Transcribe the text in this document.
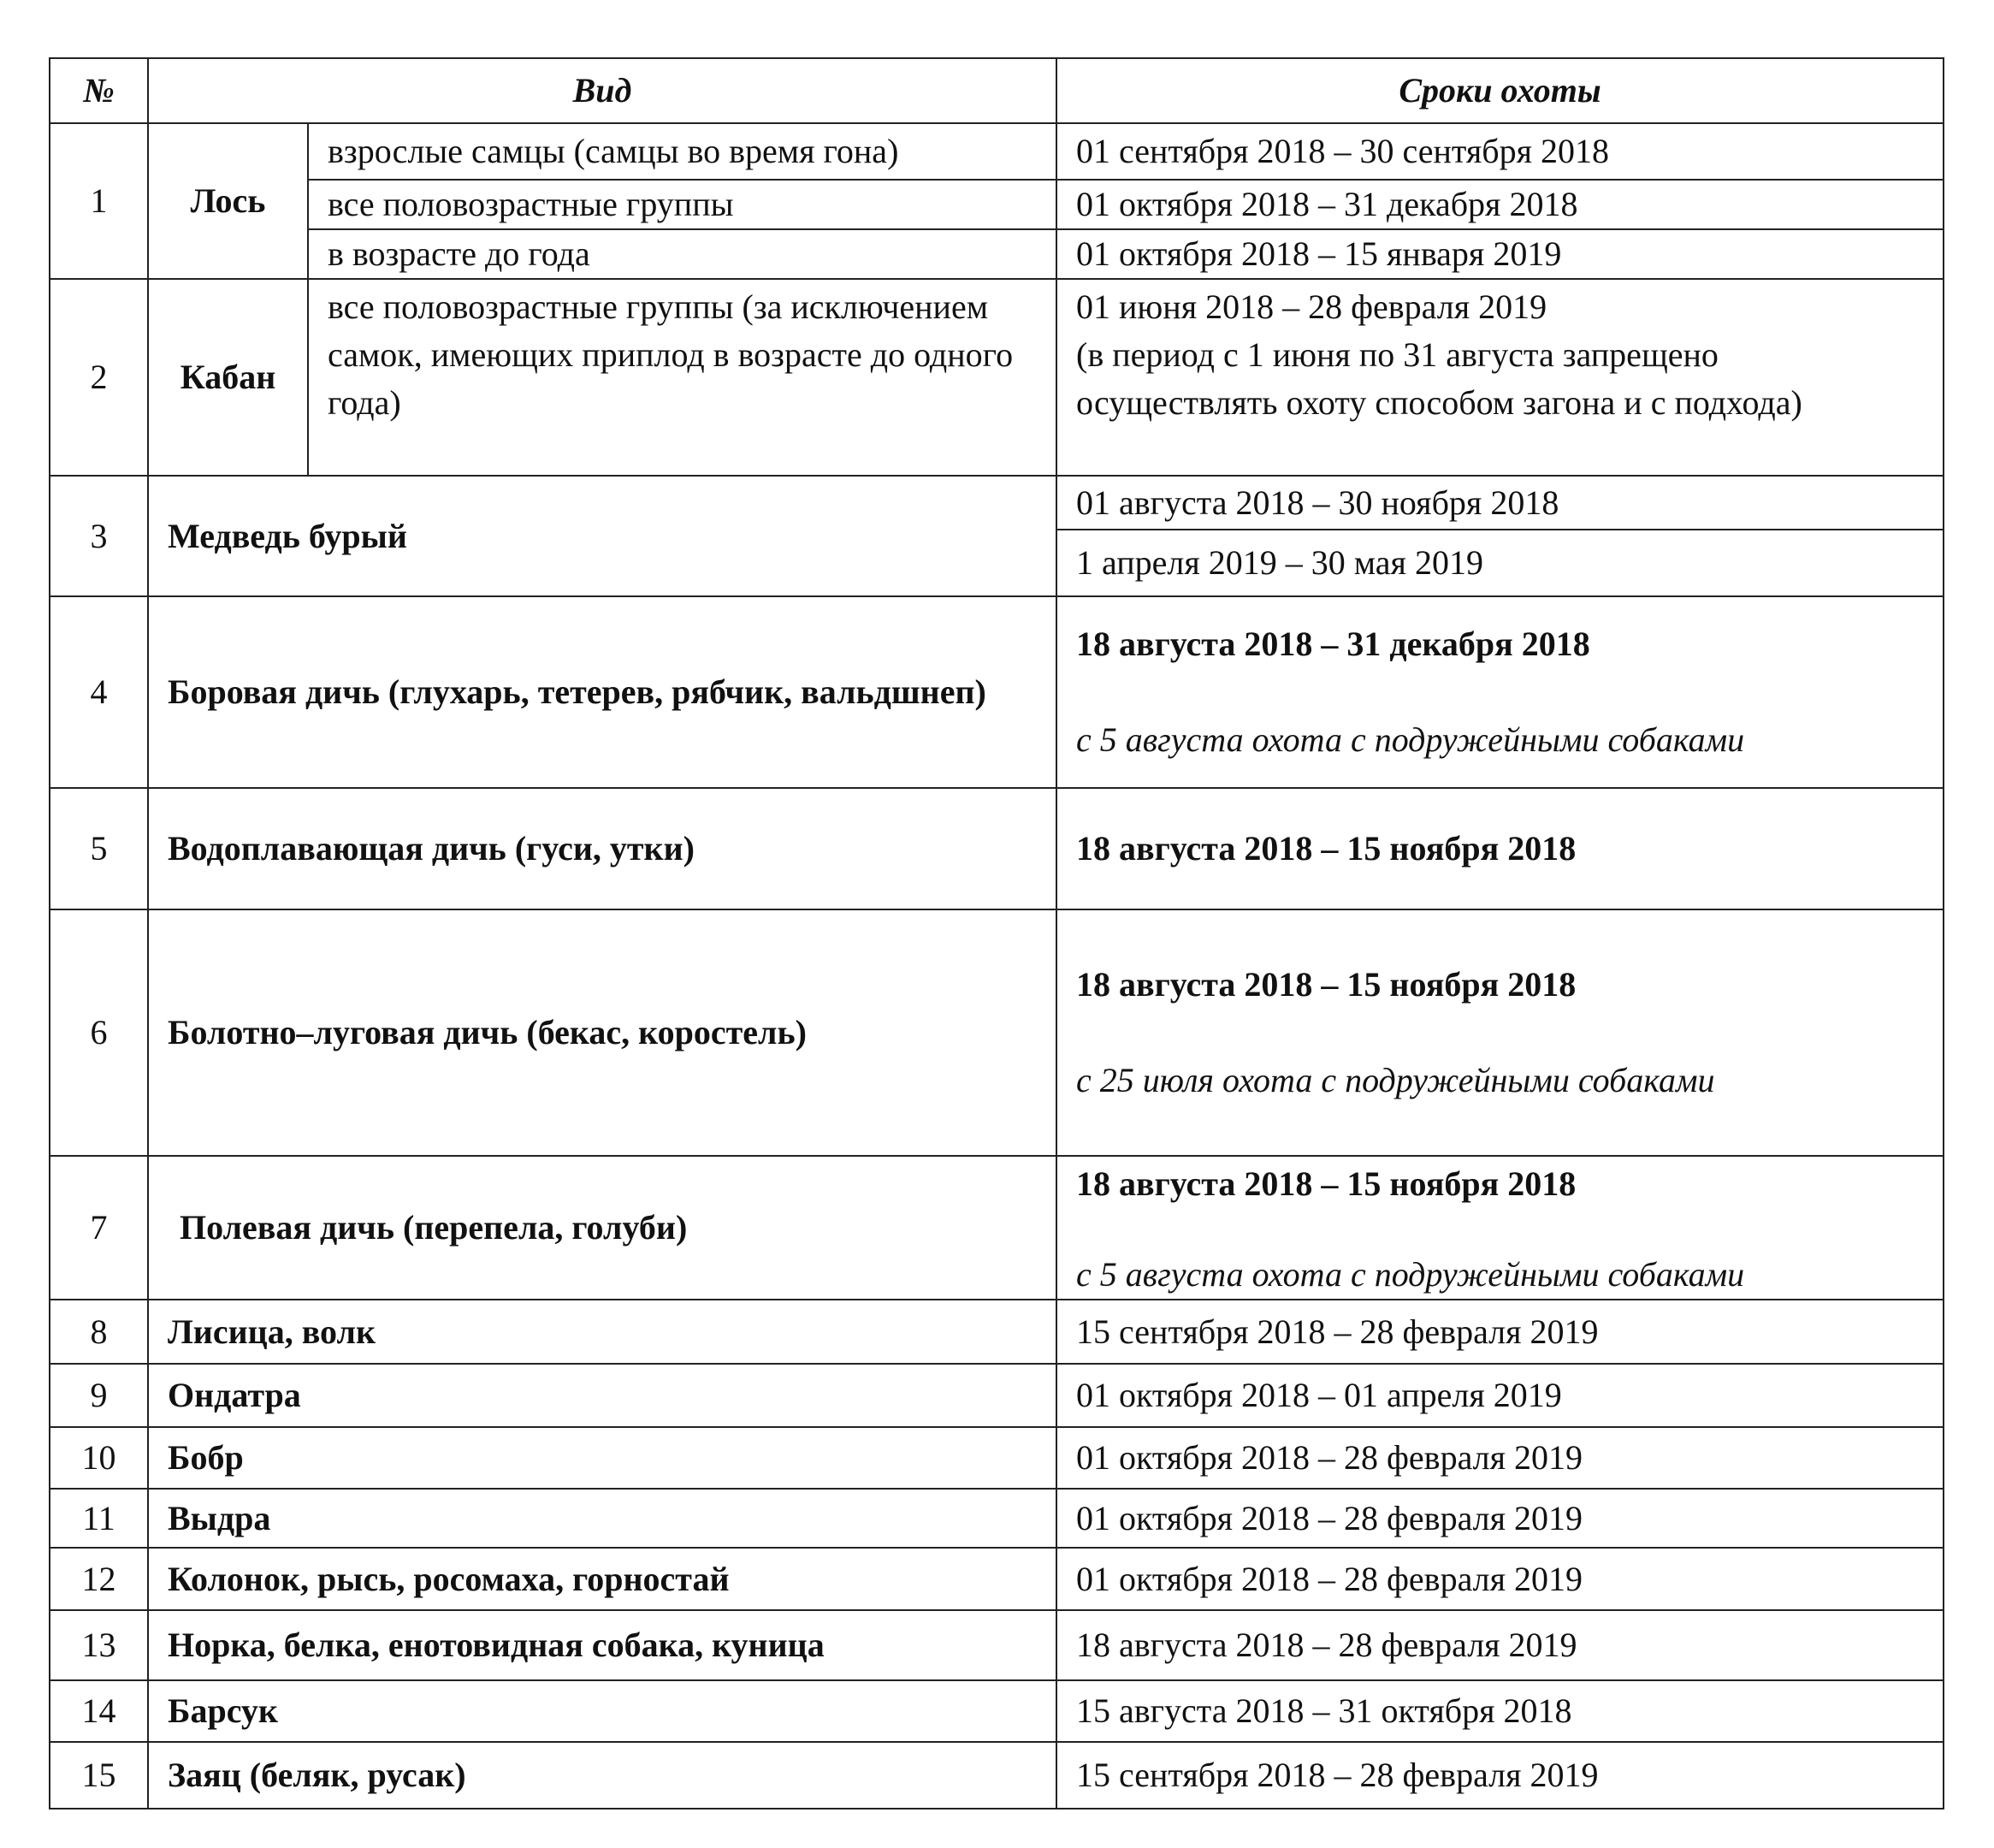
№	Вид		Сроки охоты
1	Лось	взрослые самцы (самцы во время гона)	01 сентября 2018 – 30 сентября 2018
		все половозрастные группы	01 октября 2018 – 31 декабря 2018
		в возрасте до года	01 октября 2018 – 15 января 2019
2	Кабан	все половозрастные группы (за исключением самок, имеющих приплод в возрасте до одного года)	01 июня 2018 – 28 февраля 2019
(в период с 1 июня по 31 августа запрещено осуществлять охоту способом загона и с подхода)
3	Медведь бурый		01 августа 2018 – 30 ноября 2018
			1 апреля 2019 – 30 мая 2019
4	Боровая дичь (глухарь, тетерев, рябчик, вальдшнеп)		18 августа 2018 – 31 декабря 2018
с 5 августа охота с подружейными собаками

5	Водоплавающая дичь (гуси, утки)		18 августа 2018 – 15 ноября 2018
6	Болотно–луговая дичь (бекас, коростель)		18 августа 2018 – 15 ноября 2018
с 25 июля охота с подружейными собаками

7	Полевая дичь (перепела, голуби)		18 августа 2018 – 15 ноября 2018
с 5 августа охота с подружейными собаками

8	Лисица, волк		15 сентября 2018 – 28 февраля 2019
9	Ондатра		01 октября 2018 – 01 апреля 2019
10	Бобр		01 октября 2018 – 28 февраля 2019
11	Выдра		01 октября 2018 – 28 февраля 2019
12	Колонок, рысь, росомаха, горностай		01 октября 2018 – 28 февраля 2019
13	Норка, белка, енотовидная собака, куница		18 августа 2018 – 28 февраля 2019
14	Барсук		15 августа 2018 – 31 октября 2018
15	Заяц (беляк, русак)		15 сентября 2018 – 28 февраля 2019
